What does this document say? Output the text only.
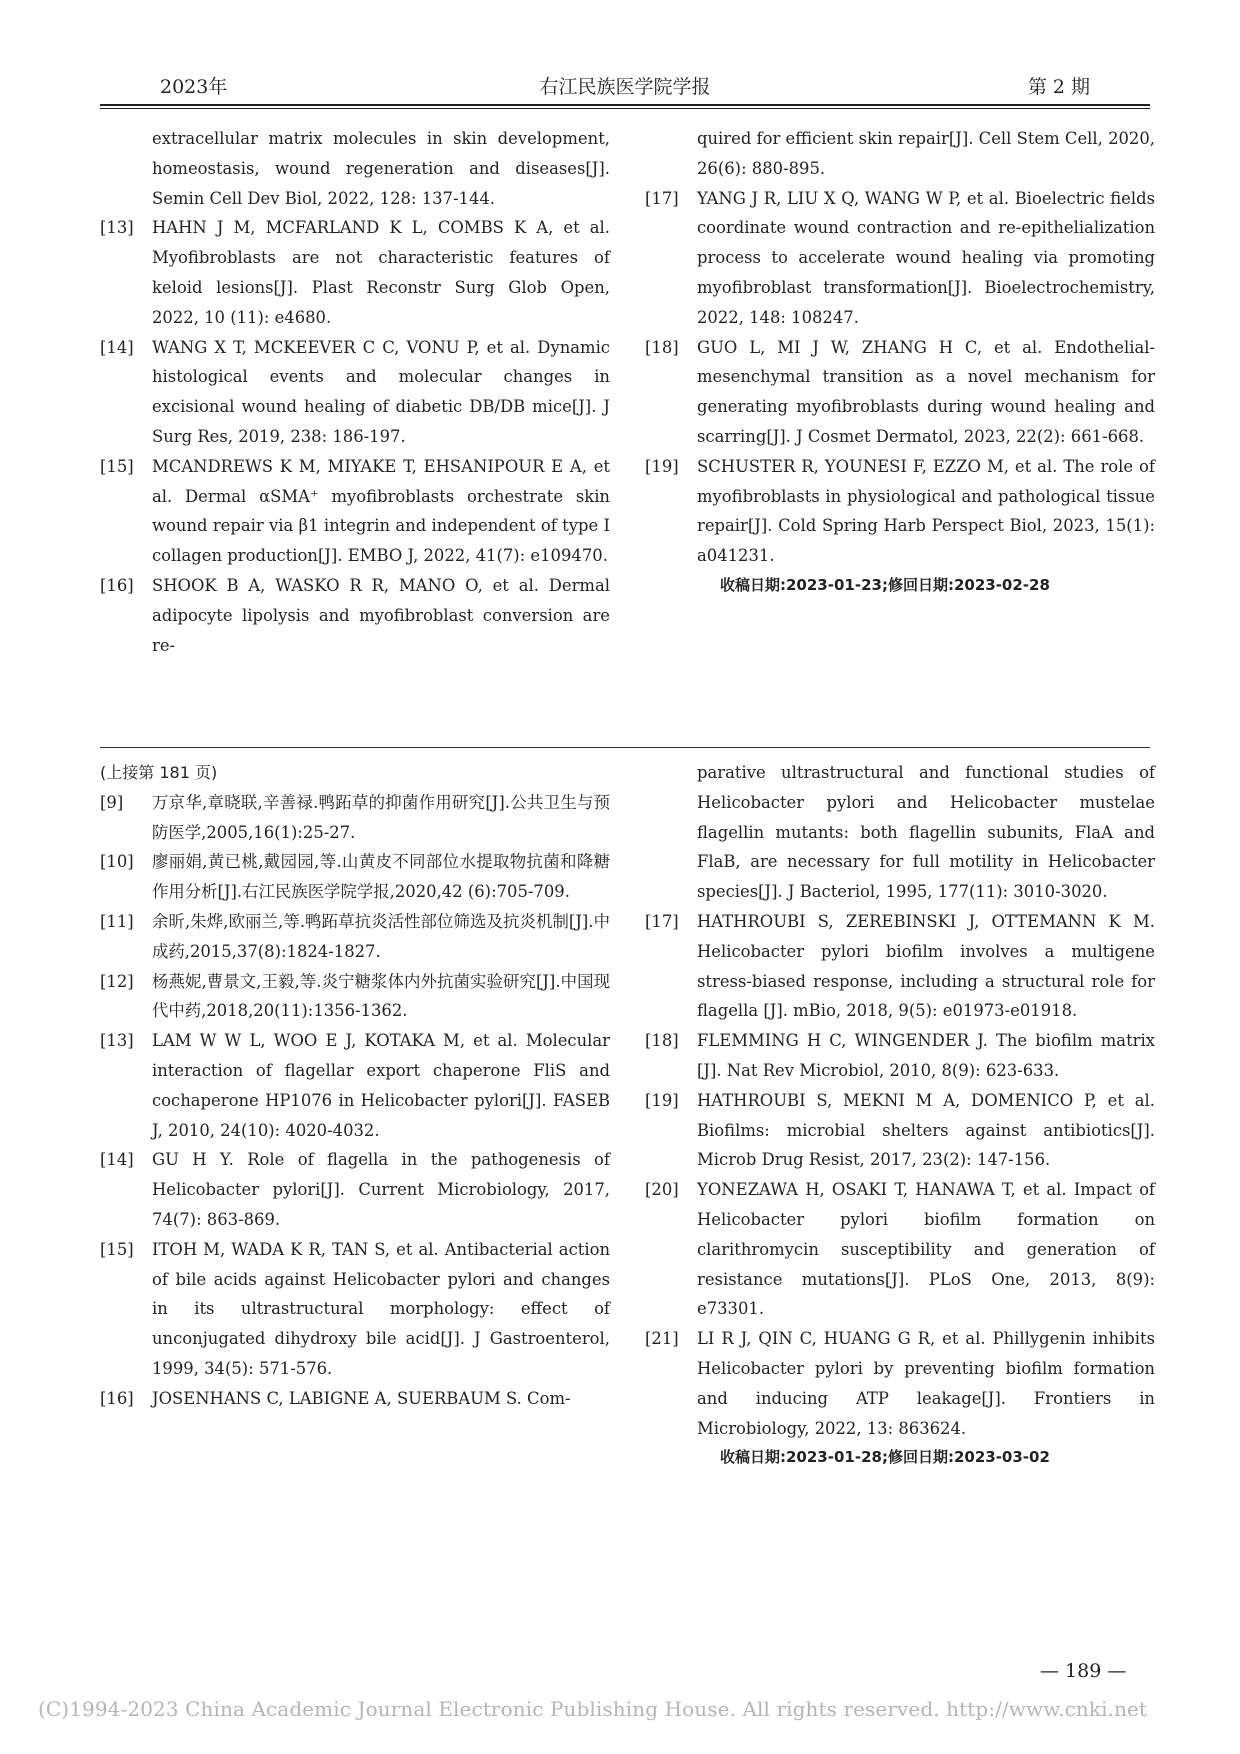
2023年	右江民族医学院学报	第 2 期
extracellular matrix molecules in skin development, homeostasis, wound regeneration and diseases[J]. Semin Cell Dev Biol, 2022, 128: 137-144.
[13]	HAHN J M, MCFARLAND K L, COMBS K A, et al. Myofibroblasts are not characteristic features of keloid lesions[J]. Plast Reconstr Surg Glob Open, 2022, 10 (11): e4680.
[14]	WANG X T, MCKEEVER C C, VONU P, et al. Dynamic histological events and molecular changes in excisional wound healing of diabetic DB/DB mice[J]. J Surg Res, 2019, 238: 186-197.
[15]	MCANDREWS K M, MIYAKE T, EHSANIPOUR E A, et al. Dermal αSMA⁺ myofibroblasts orchestrate skin wound repair via β1 integrin and independent of type I collagen production[J]. EMBO J, 2022, 41(7): e109470.
[16]	SHOOK B A, WASKO R R, MANO O, et al. Dermal adipocyte lipolysis and myofibroblast conversion are re-
quired for efficient skin repair[J]. Cell Stem Cell, 2020, 26(6): 880-895.
[17]	YANG J R, LIU X Q, WANG W P, et al. Bioelectric fields coordinate wound contraction and re-epithelialization process to accelerate wound healing via promoting myofibroblast transformation[J]. Bioelectrochemistry, 2022, 148: 108247.
[18]	GUO L, MI J W, ZHANG H C, et al. Endothelial-mesenchymal transition as a novel mechanism for generating myofibroblasts during wound healing and scarring[J]. J Cosmet Dermatol, 2023, 22(2): 661-668.
[19]	SCHUSTER R, YOUNESI F, EZZO M, et al. The role of myofibroblasts in physiological and pathological tissue repair[J]. Cold Spring Harb Perspect Biol, 2023, 15(1): a041231.
收稿日期:2023-01-23;修回日期:2023-02-28
(上接第 181 页)
[9]	万京华,章晓联,辛善禄.鸭跖草的抑菌作用研究[J].公共卫生与预防医学,2005,16(1):25-27.
[10]	廖丽娟,黄已桃,戴园园,等.山黄皮不同部位水提取物抗菌和降糖作用分析[J].右江民族医学院学报,2020,42 (6):705-709.
[11]	余昕,朱烨,欧丽兰,等.鸭跖草抗炎活性部位筛选及抗炎机制[J].中成药,2015,37(8):1824-1827.
[12]	杨燕妮,曹景文,王毅,等.炎宁糖浆体内外抗菌实验研究[J].中国现代中药,2018,20(11):1356-1362.
[13]	LAM W W L, WOO E J, KOTAKA M, et al. Molecular interaction of flagellar export chaperone FliS and cochaperone HP1076 in Helicobacter pylori[J]. FASEB J, 2010, 24(10): 4020-4032.
[14]	GU H Y. Role of flagella in the pathogenesis of Helicobacter pylori[J]. Current Microbiology, 2017, 74(7): 863-869.
[15]	ITOH M, WADA K R, TAN S, et al. Antibacterial action of bile acids against Helicobacter pylori and changes in its ultrastructural morphology: effect of unconjugated dihydroxy bile acid[J]. J Gastroenterol, 1999, 34(5): 571-576.
[16]	JOSENHANS C, LABIGNE A, SUERBAUM S. Com-
parative ultrastructural and functional studies of Helicobacter pylori and Helicobacter mustelae flagellin mutants: both flagellin subunits, FlaA and FlaB, are necessary for full motility in Helicobacter species[J]. J Bacteriol, 1995, 177(11): 3010-3020.
[17]	HATHROUBI S, ZEREBINSKI J, OTTEMANN K M. Helicobacter pylori biofilm involves a multigene stress-biased response, including a structural role for flagella [J]. mBio, 2018, 9(5): e01973-e01918.
[18]	FLEMMING H C, WINGENDER J. The biofilm matrix [J]. Nat Rev Microbiol, 2010, 8(9): 623-633.
[19]	HATHROUBI S, MEKNI M A, DOMENICO P, et al. Biofilms: microbial shelters against antibiotics[J]. Microb Drug Resist, 2017, 23(2): 147-156.
[20]	YONEZAWA H, OSAKI T, HANAWA T, et al. Impact of Helicobacter pylori biofilm formation on clarithromycin susceptibility and generation of resistance mutations[J]. PLoS One, 2013, 8(9): e73301.
[21]	LI R J, QIN C, HUANG G R, et al. Phillygenin inhibits Helicobacter pylori by preventing biofilm formation and inducing ATP leakage[J]. Frontiers in Microbiology, 2022, 13: 863624.
收稿日期:2023-01-28;修回日期:2023-03-02
— 189 —
(C)1994-2023 China Academic Journal Electronic Publishing House. All rights reserved. http://www.cnki.net
